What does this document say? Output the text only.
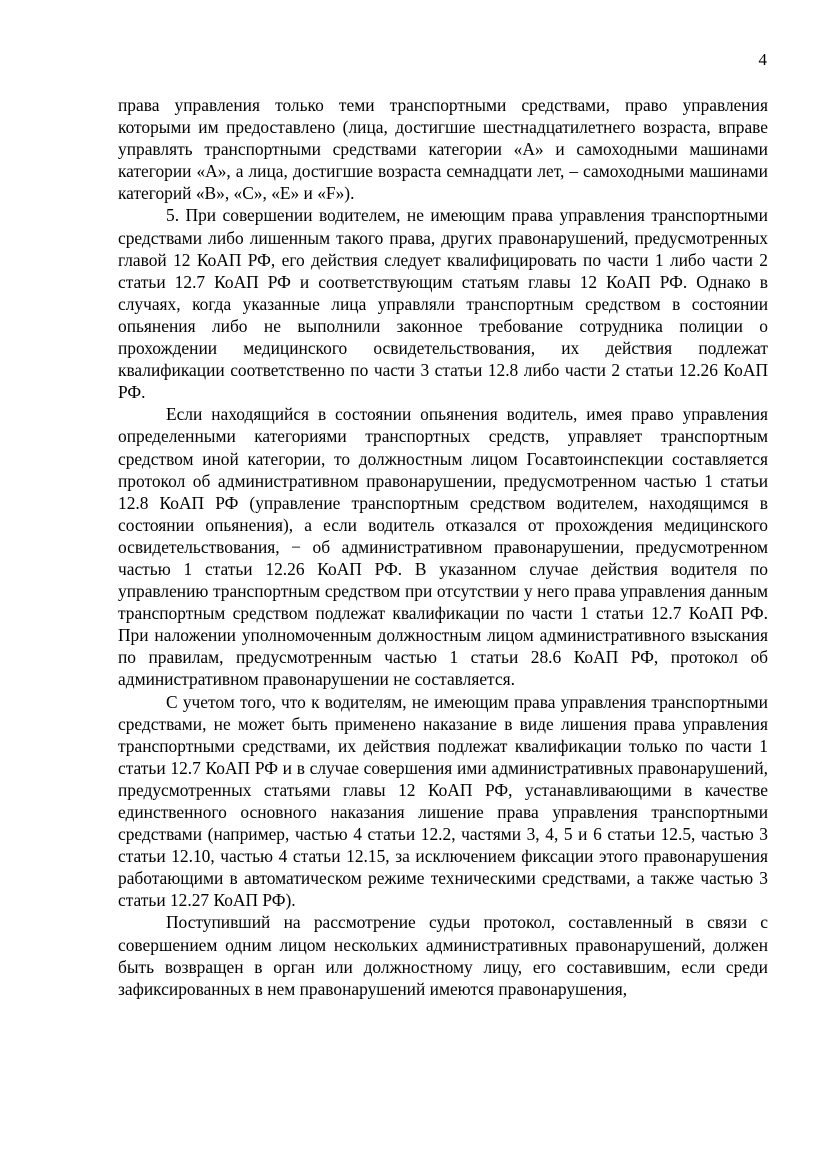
4

права управления только теми транспортными средствами, право управления которыми им предоставлено (лица, достигшие шестнадцатилетнего возраста, вправе управлять транспортными средствами категории «А» и самоходными машинами категории «А», а лица, достигшие возраста семнадцати лет, – самоходными машинами категорий «B», «C», «E» и «F»).

5. При совершении водителем, не имеющим права управления транспортными средствами либо лишенным такого права, других правонарушений, предусмотренных главой 12 КоАП РФ, его действия следует квалифицировать по части 1 либо части 2 статьи 12.7 КоАП РФ и соответствующим статьям главы 12 КоАП РФ. Однако в случаях, когда указанные лица управляли транспортным средством в состоянии опьянения либо не выполнили законное требование сотрудника полиции о прохождении медицинского освидетельствования, их действия подлежат квалификации соответственно по части 3 статьи 12.8 либо части 2 статьи 12.26 КоАП РФ.

Если находящийся в состоянии опьянения водитель, имея право управления определенными категориями транспортных средств, управляет транспортным средством иной категории, то должностным лицом Госавтоинспекции составляется протокол об административном правонарушении, предусмотренном частью 1 статьи 12.8 КоАП РФ (управление транспортным средством водителем, находящимся в состоянии опьянения), а если водитель отказался от прохождения медицинского освидетельствования, − об административном правонарушении, предусмотренном частью 1 статьи 12.26 КоАП РФ. В указанном случае действия водителя по управлению транспортным средством при отсутствии у него права управления данным транспортным средством подлежат квалификации по части 1 статьи 12.7 КоАП РФ. При наложении уполномоченным должностным лицом административного взыскания по правилам, предусмотренным частью 1 статьи 28.6 КоАП РФ, протокол об административном правонарушении не составляется.

С учетом того, что к водителям, не имеющим права управления транспортными средствами, не может быть применено наказание в виде лишения права управления транспортными средствами, их действия подлежат квалификации только по части 1 статьи 12.7 КоАП РФ и в случае совершения ими административных правонарушений, предусмотренных статьями главы 12 КоАП РФ, устанавливающими в качестве единственного основного наказания лишение права управления транспортными средствами (например, частью 4 статьи 12.2, частями 3, 4, 5 и 6 статьи 12.5, частью 3 статьи 12.10, частью 4 статьи 12.15, за исключением фиксации этого правонарушения работающими в автоматическом режиме техническими средствами, а также частью 3 статьи 12.27 КоАП РФ).

Поступивший на рассмотрение судьи протокол, составленный в связи с совершением одним лицом нескольких административных правонарушений, должен быть возвращен в орган или должностному лицу, его составившим, если среди зафиксированных в нем правонарушений имеются правонарушения,
